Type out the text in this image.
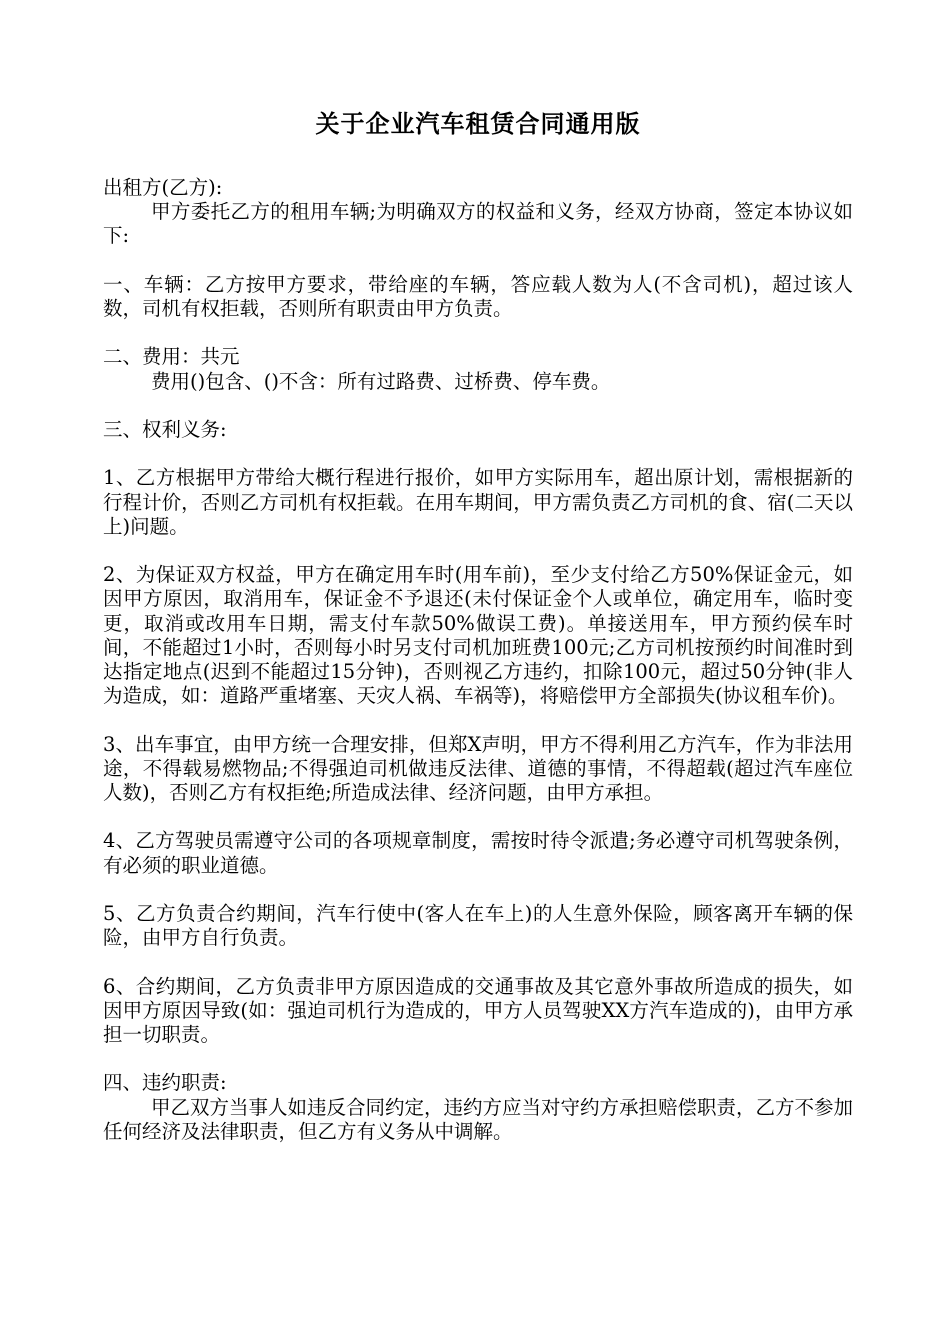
关于企业汽车租赁合同通用版

出租方(乙方):

甲方委托乙方的租用车辆;为明确双方的权益和义务，经双方协商，签定本协议如下:

一、车辆：乙方按甲方要求，带给座的车辆，答应载人数为人(不含司机)，超过该人数，司机有权拒载，否则所有职责由甲方负责。

二、费用：共元

费用()包含、()不含：所有过路费、过桥费、停车费。

三、权利义务:

1、乙方根据甲方带给大概行程进行报价，如甲方实际用车，超出原计划，需根据新的行程计价，否则乙方司机有权拒载。在用车期间，甲方需负责乙方司机的食、宿(二天以上)问题。

2、为保证双方权益，甲方在确定用车时(用车前)，至少支付给乙方50%保证金元，如因甲方原因，取消用车，保证金不予退还(未付保证金个人或单位，确定用车，临时变更，取消或改用车日期，需支付车款50%做误工费)。单接送用车，甲方预约侯车时间，不能超过1小时，否则每小时另支付司机加班费100元;乙方司机按预约时间准时到达指定地点(迟到不能超过15分钟)，否则视乙方违约，扣除100元，超过50分钟(非人为造成，如：道路严重堵塞、天灾人祸、车祸等)，将赔偿甲方全部损失(协议租车价)。

3、出车事宜，由甲方统一合理安排，但郑X声明，甲方不得利用乙方汽车，作为非法用途，不得载易燃物品;不得强迫司机做违反法律、道德的事情，不得超载(超过汽车座位人数)，否则乙方有权拒绝;所造成法律、经济问题，由甲方承担。

4、乙方驾驶员需遵守公司的各项规章制度，需按时待令派遣;务必遵守司机驾驶条例，有必须的职业道德。

5、乙方负责合约期间，汽车行使中(客人在车上)的人生意外保险，顾客离开车辆的保险，由甲方自行负责。

6、合约期间，乙方负责非甲方原因造成的交通事故及其它意外事故所造成的损失，如因甲方原因导致(如：强迫司机行为造成的，甲方人员驾驶XX方汽车造成的)，由甲方承担一切职责。

四、违约职责:

甲乙双方当事人如违反合同约定，违约方应当对守约方承担赔偿职责，乙方不参加任何经济及法律职责，但乙方有义务从中调解。
